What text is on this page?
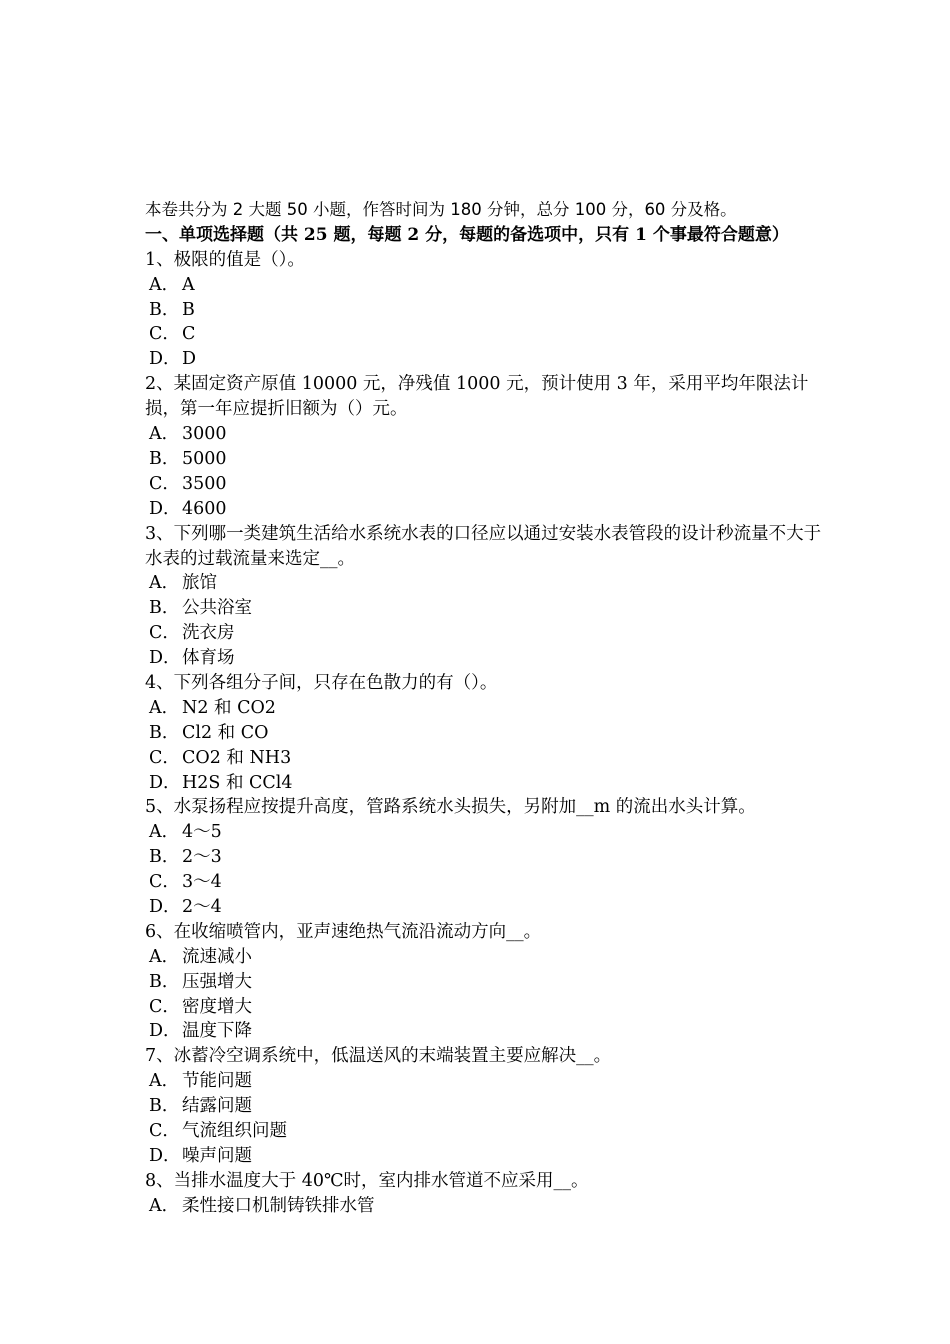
本卷共分为 2 大题 50 小题，作答时间为 180 分钟，总分 100 分，60 分及格。
一、单项选择题（共 25 题，每题 2 分，每题的备选项中，只有 1 个事最符合题意）
1、极限的值是（）。
A． A
B． B
C． C
D．D
2、某固定资产原值 10000 元，净残值 1000 元，预计使用 3 年，采用平均年限法计损，第一年应提折旧额为（）元。
A． 3000
B． 5000
C． 3500
D．4600
3、下列哪一类建筑生活给水系统水表的口径应以通过安装水表管段的设计秒流量不大于水表的过载流量来选定__。
A． 旅馆
B． 公共浴室
C． 洗衣房
D．体育场
4、下列各组分子间，只存在色散力的有（）。
A． N2 和 CO2
B． Cl2 和 CO
C． CO2 和 NH3
D．H2S 和 CCl4
5、水泵扬程应按提升高度，管路系统水头损失，另附加__m 的流出水头计算。
A． 4～5
B． 2～3
C． 3～4
D．2～4
6、在收缩喷管内，亚声速绝热气流沿流动方向__。
A． 流速减小
B． 压强增大
C． 密度增大
D．温度下降
7、冰蓄冷空调系统中，低温送风的末端装置主要应解决__。
A． 节能问题
B． 结露问题
C． 气流组织问题
D．噪声问题
8、当排水温度大于 40℃时，室内排水管道不应采用__。
A． 柔性接口机制铸铁排水管
